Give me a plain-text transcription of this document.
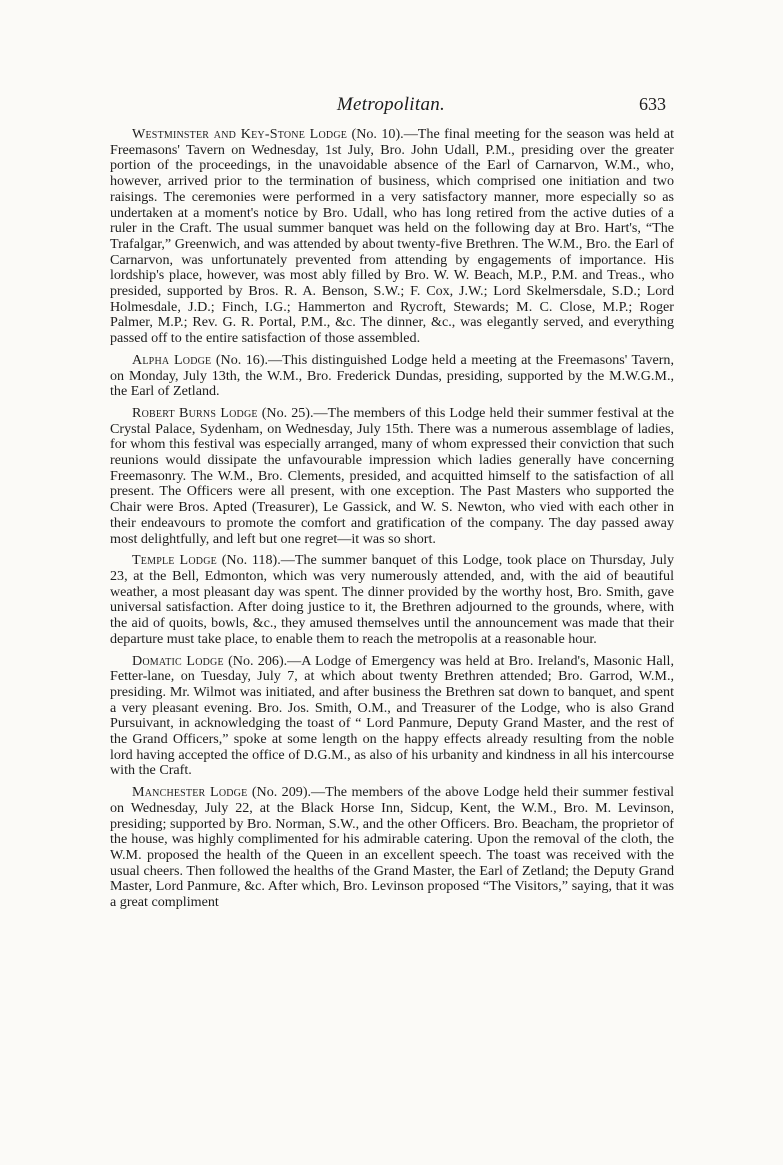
Metropolitan.	633

Westminster and Key-Stone Lodge (No. 10).—The final meeting for the season was held at Freemasons' Tavern on Wednesday, 1st July, Bro. John Udall, P.M., presiding over the greater portion of the proceedings, in the unavoidable absence of the Earl of Carnarvon, W.M., who, however, arrived prior to the termination of business, which comprised one initiation and two raisings. The ceremonies were performed in a very satisfactory manner, more especially so as undertaken at a moment's notice by Bro. Udall, who has long retired from the active duties of a ruler in the Craft. The usual summer banquet was held on the following day at Bro. Hart's, “The Trafalgar,” Greenwich, and was attended by about twenty-five Brethren. The W.M., Bro. the Earl of Carnarvon, was unfortunately prevented from attending by engagements of importance. His lordship's place, however, was most ably filled by Bro. W. W. Beach, M.P., P.M. and Treas., who presided, supported by Bros. R. A. Benson, S.W.; F. Cox, J.W.; Lord Skelmersdale, S.D.; Lord Holmesdale, J.D.; Finch, I.G.; Hammerton and Rycroft, Stewards; M. C. Close, M.P.; Roger Palmer, M.P.; Rev. G. R. Portal, P.M., &c. The dinner, &c., was elegantly served, and everything passed off to the entire satisfaction of those assembled.

Alpha Lodge (No. 16).—This distinguished Lodge held a meeting at the Freemasons' Tavern, on Monday, July 13th, the W.M., Bro. Frederick Dundas, presiding, supported by the M.W.G.M., the Earl of Zetland.

Robert Burns Lodge (No. 25).—The members of this Lodge held their summer festival at the Crystal Palace, Sydenham, on Wednesday, July 15th. There was a numerous assemblage of ladies, for whom this festival was especially arranged, many of whom expressed their conviction that such reunions would dissipate the unfavourable impression which ladies generally have concerning Freemasonry. The W.M., Bro. Clements, presided, and acquitted himself to the satisfaction of all present. The Officers were all present, with one exception. The Past Masters who supported the Chair were Bros. Apted (Treasurer), Le Gassick, and W. S. Newton, who vied with each other in their endeavours to promote the comfort and gratification of the company. The day passed away most delightfully, and left but one regret—it was so short.

Temple Lodge (No. 118).—The summer banquet of this Lodge, took place on Thursday, July 23, at the Bell, Edmonton, which was very numerously attended, and, with the aid of beautiful weather, a most pleasant day was spent. The dinner provided by the worthy host, Bro. Smith, gave universal satisfaction. After doing justice to it, the Brethren adjourned to the grounds, where, with the aid of quoits, bowls, &c., they amused themselves until the announcement was made that their departure must take place, to enable them to reach the metropolis at a reasonable hour.

Domatic Lodge (No. 206).—A Lodge of Emergency was held at Bro. Ireland's, Masonic Hall, Fetter-lane, on Tuesday, July 7, at which about twenty Brethren attended; Bro. Garrod, W.M., presiding. Mr. Wilmot was initiated, and after business the Brethren sat down to banquet, and spent a very pleasant evening. Bro. Jos. Smith, O.M., and Treasurer of the Lodge, who is also Grand Pursuivant, in acknowledging the toast of “ Lord Panmure, Deputy Grand Master, and the rest of the Grand Officers,” spoke at some length on the happy effects already resulting from the noble lord having accepted the office of D.G.M., as also of his urbanity and kindness in all his intercourse with the Craft.

Manchester Lodge (No. 209).—The members of the above Lodge held their summer festival on Wednesday, July 22, at the Black Horse Inn, Sidcup, Kent, the W.M., Bro. M. Levinson, presiding; supported by Bro. Norman, S.W., and the other Officers. Bro. Beacham, the proprietor of the house, was highly complimented for his admirable catering. Upon the removal of the cloth, the W.M. proposed the health of the Queen in an excellent speech. The toast was received with the usual cheers. Then followed the healths of the Grand Master, the Earl of Zetland; the Deputy Grand Master, Lord Panmure, &c. After which, Bro. Levinson proposed “The Visitors,” saying, that it was a great compliment
